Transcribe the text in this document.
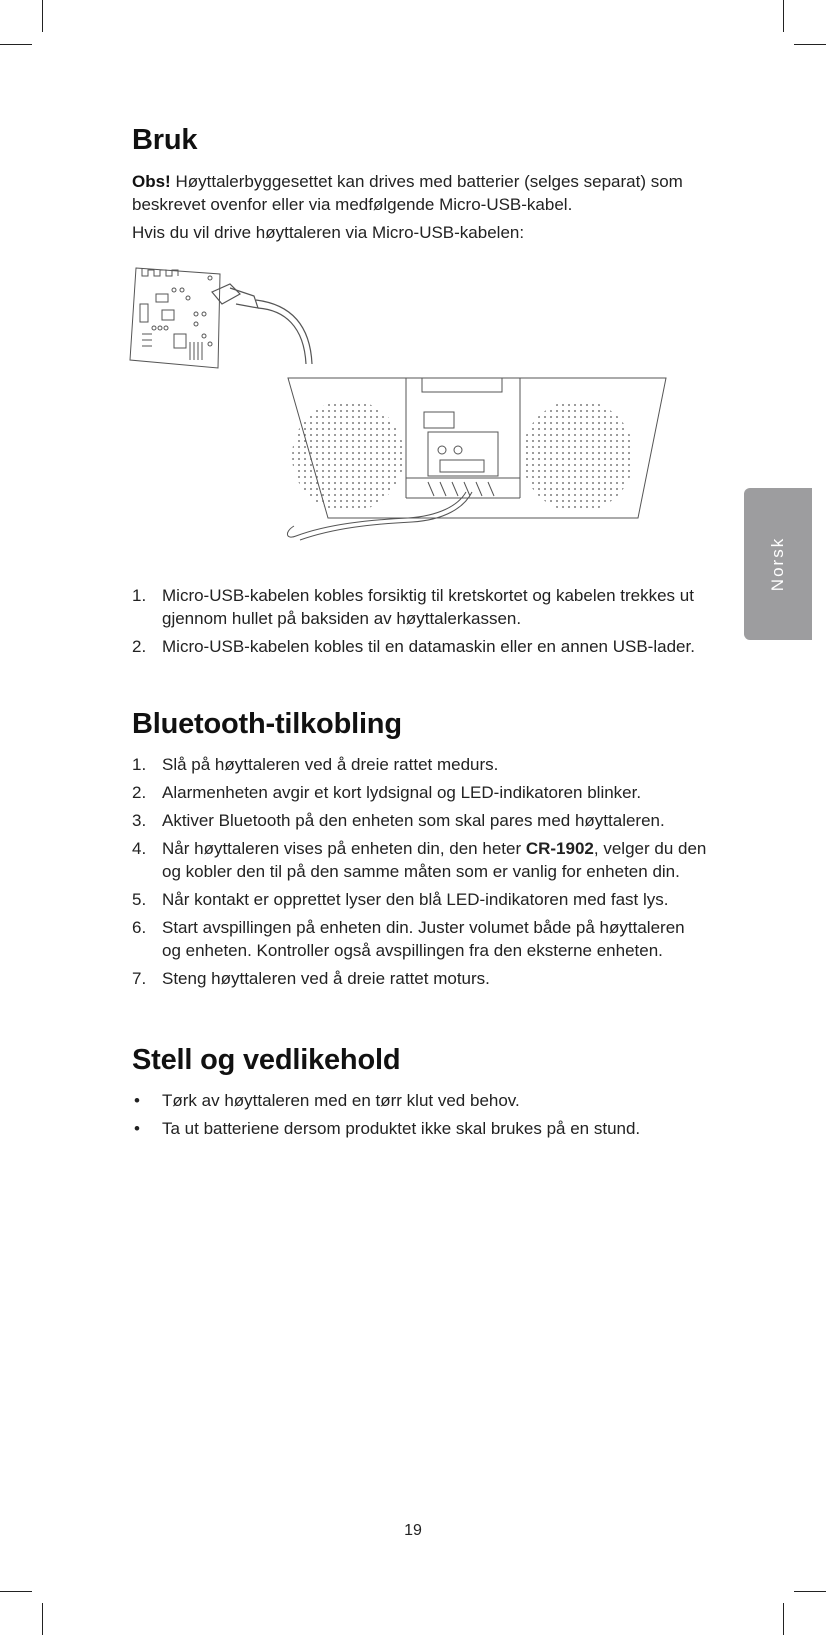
Bruk

Obs! Høyttalerbyggesettet kan drives med batterier (selges separat) som beskrevet ovenfor eller via medfølgende Micro-USB-kabel.

Hvis du vil drive høyttaleren via Micro-USB-kabelen:

1. Micro-USB-kabelen kobles forsiktig til kretskortet og kabelen trekkes ut gjennom hullet på baksiden av høyttalerkassen.
2. Micro-USB-kabelen kobles til en datamaskin eller en annen USB-lader.
Bluetooth-tilkobling
1. Slå på høyttaleren ved å dreie rattet medurs.
2. Alarmenheten avgir et kort lydsignal og LED-indikatoren blinker.
3. Aktiver Bluetooth på den enheten som skal pares med høyttaleren.
4. Når høyttaleren vises på enheten din, den heter CR-1902, velger du den og kobler den til på den samme måten som er vanlig for enheten din.
5. Når kontakt er opprettet lyser den blå LED-indikatoren med fast lys.
6. Start avspillingen på enheten din. Juster volumet både på høyttaleren og enheten. Kontroller også avspillingen fra den eksterne enheten.
7. Steng høyttaleren ved å dreie rattet moturs.
Stell og vedlikehold
• Tørk av høyttaleren med en tørr klut ved behov.
• Ta ut batteriene dersom produktet ikke skal brukes på en stund.
Norsk
19
